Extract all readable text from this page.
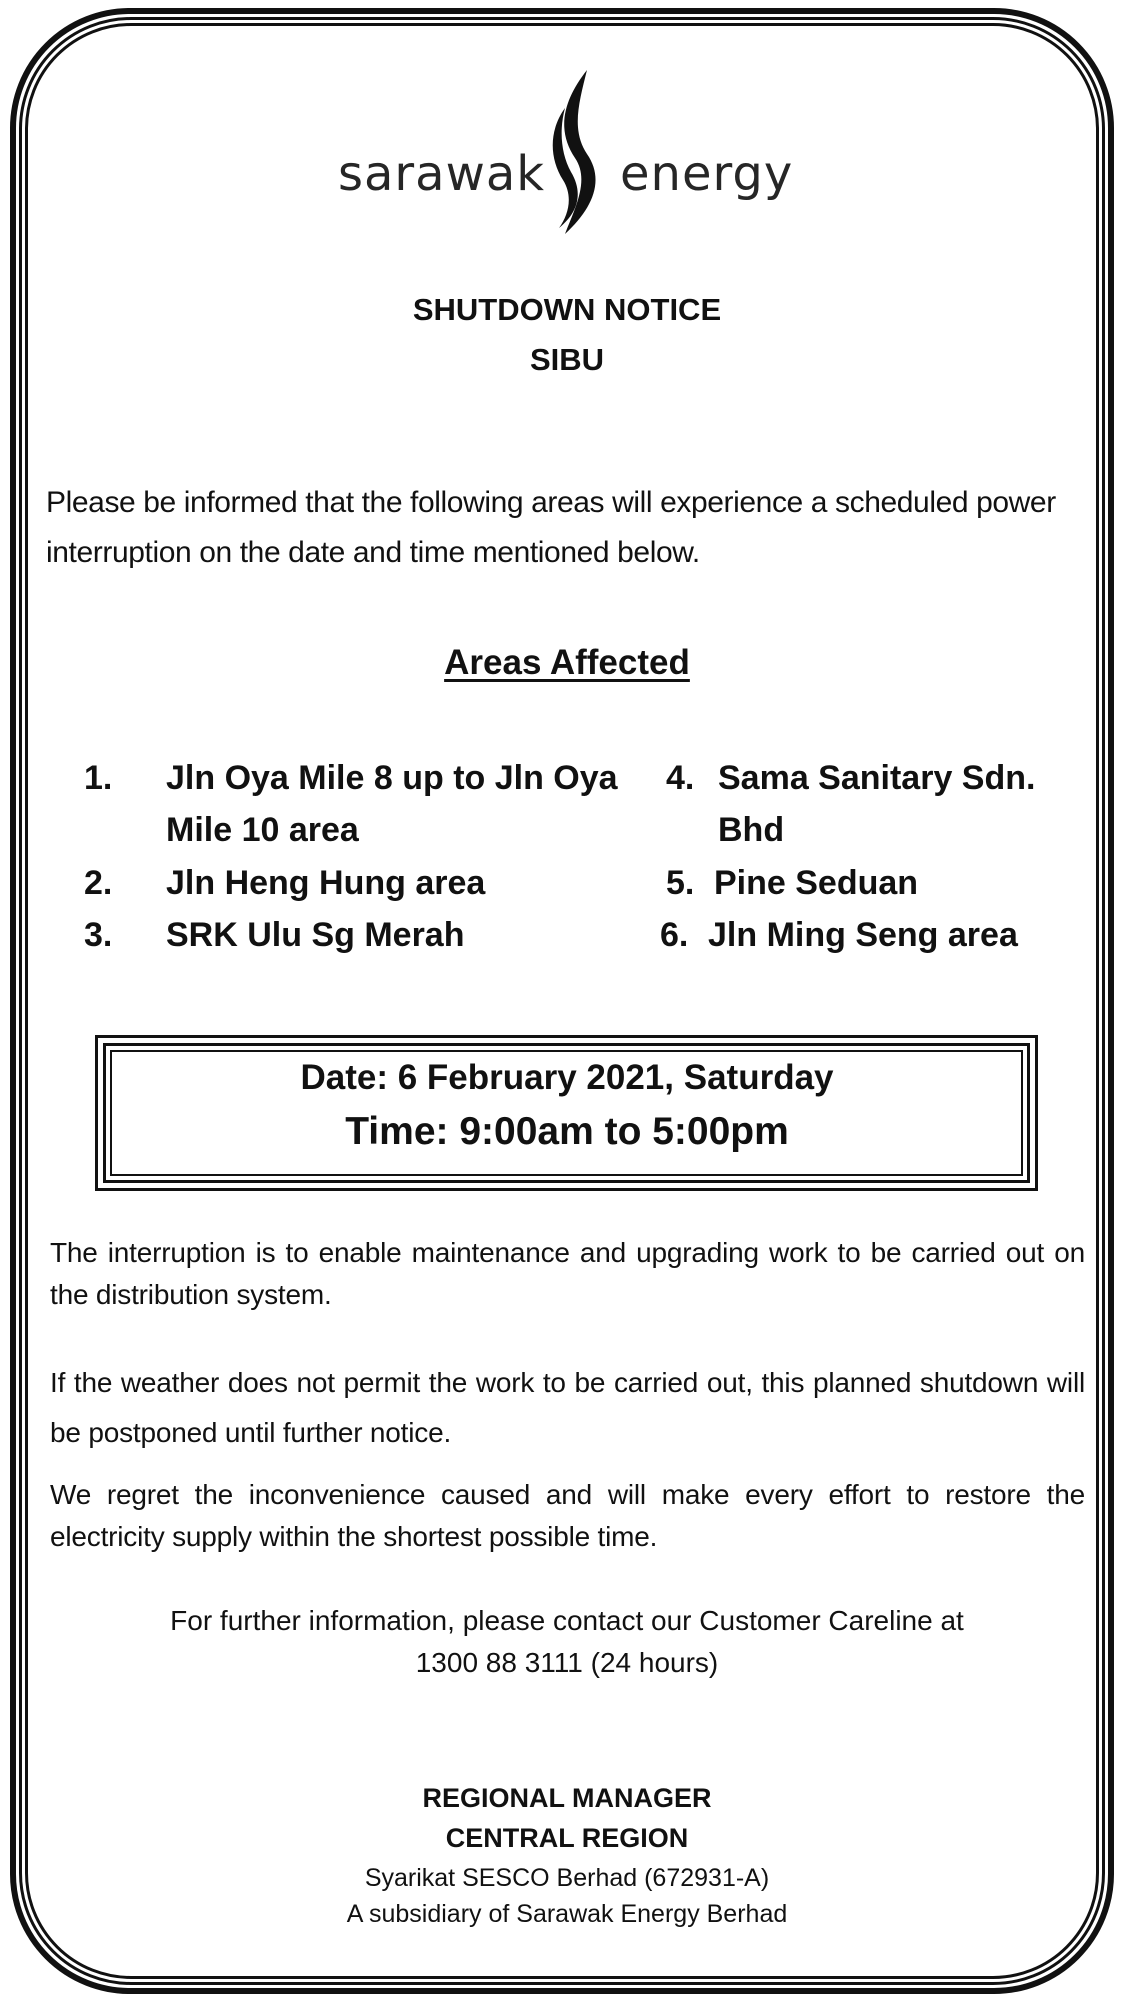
sarawak energy
SHUTDOWN NOTICE
SIBU
Please be informed that the following areas will experience a scheduled power interruption on the date and time mentioned below.
Areas Affected
1. Jln Oya Mile 8 up to Jln Oya
Mile 10 area
2. Jln Heng Hung area
3. SRK Ulu Sg Merah
4. Sama Sanitary Sdn.
Bhd
5. Pine Seduan
6. Jln Ming Seng area
Date: 6 February 2021, Saturday
Time: 9:00am to 5:00pm
The interruption is to enable maintenance and upgrading work to be carried out on the distribution system.
If the weather does not permit the work to be carried out, this planned shutdown will be postponed until further notice.
We regret the inconvenience caused and will make every effort to restore the electricity supply within the shortest possible time.
For further information, please contact our Customer Careline at
1300 88 3111 (24 hours)
REGIONAL MANAGER
CENTRAL REGION
Syarikat SESCO Berhad (672931-A)
A subsidiary of Sarawak Energy Berhad
